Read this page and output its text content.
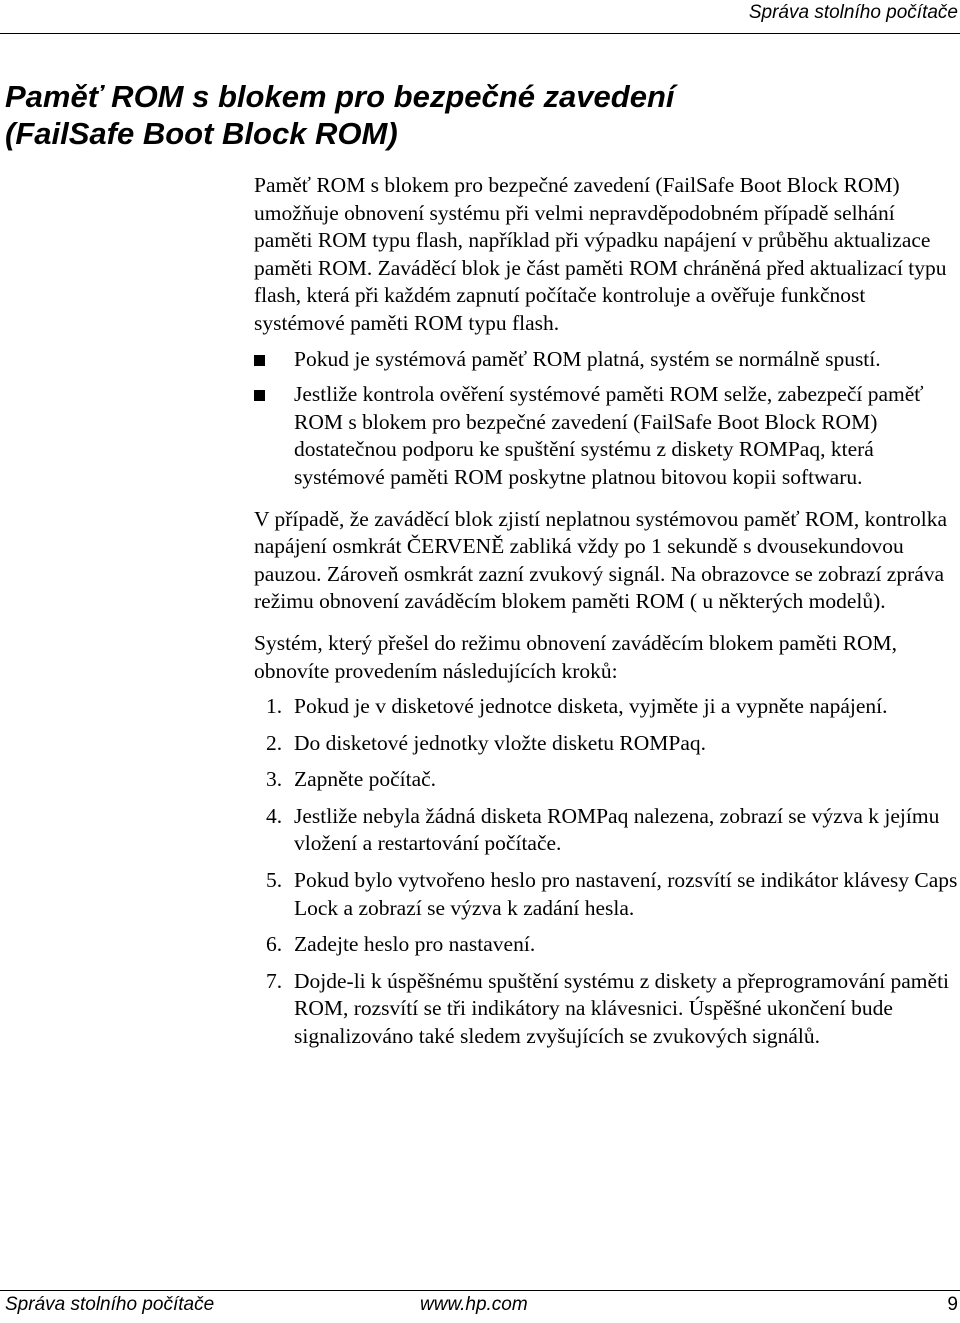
Správa stolního počítače
Paměť ROM s blokem pro bezpečné zavedení
(FailSafe Boot Block ROM)

Paměť ROM s blokem pro bezpečné zavedení (FailSafe Boot Block ROM) umožňuje obnovení systému při velmi nepravděpodobném případě selhání paměti ROM typu flash, například při výpadku napájení v průběhu aktualizace paměti ROM. Zaváděcí blok je část paměti ROM chráněná před aktualizací typu flash, která při každém zapnutí počítače kontroluje a ověřuje funkčnost systémové paměti ROM typu flash.

Pokud je systémová paměť ROM platná, systém se normálně spustí.
Jestliže kontrola ověření systémové paměti ROM selže, zabezpečí paměť ROM s blokem pro bezpečné zavedení (FailSafe Boot Block ROM) dostatečnou podporu ke spuštění systému z diskety ROMPaq, která systémové paměti ROM poskytne platnou bitovou kopii softwaru.

V případě, že zaváděcí blok zjistí neplatnou systémovou paměť ROM, kontrolka napájení osmkrát ČERVENĚ zabliká vždy po 1 sekundě s dvousekundovou pauzou. Zároveň osmkrát zazní zvukový signál. Na obrazovce se zobrazí zpráva režimu obnovení zaváděcím blokem paměti ROM ( u některých modelů).

Systém, který přešel do režimu obnovení zaváděcím blokem paměti ROM, obnovíte provedením následujících kroků:

1. Pokud je v disketové jednotce disketa, vyjměte ji a vypněte napájení.
2. Do disketové jednotky vložte disketu ROMPaq.
3. Zapněte počítač.
4. Jestliže nebyla žádná disketa ROMPaq nalezena, zobrazí se výzva k jejímu vložení a restartování počítače.
5. Pokud bylo vytvořeno heslo pro nastavení, rozsvítí se indikátor klávesy Caps Lock a zobrazí se výzva k zadání hesla.
6. Zadejte heslo pro nastavení.
7. Dojde-li k úspěšnému spuštění systému z diskety a přeprogramování paměti ROM, rozsvítí se tři indikátory na klávesnici. Úspěšné ukončení bude signalizováno také sledem zvyšujících se zvukových signálů.
Správa stolního počítače	www.hp.com	9
